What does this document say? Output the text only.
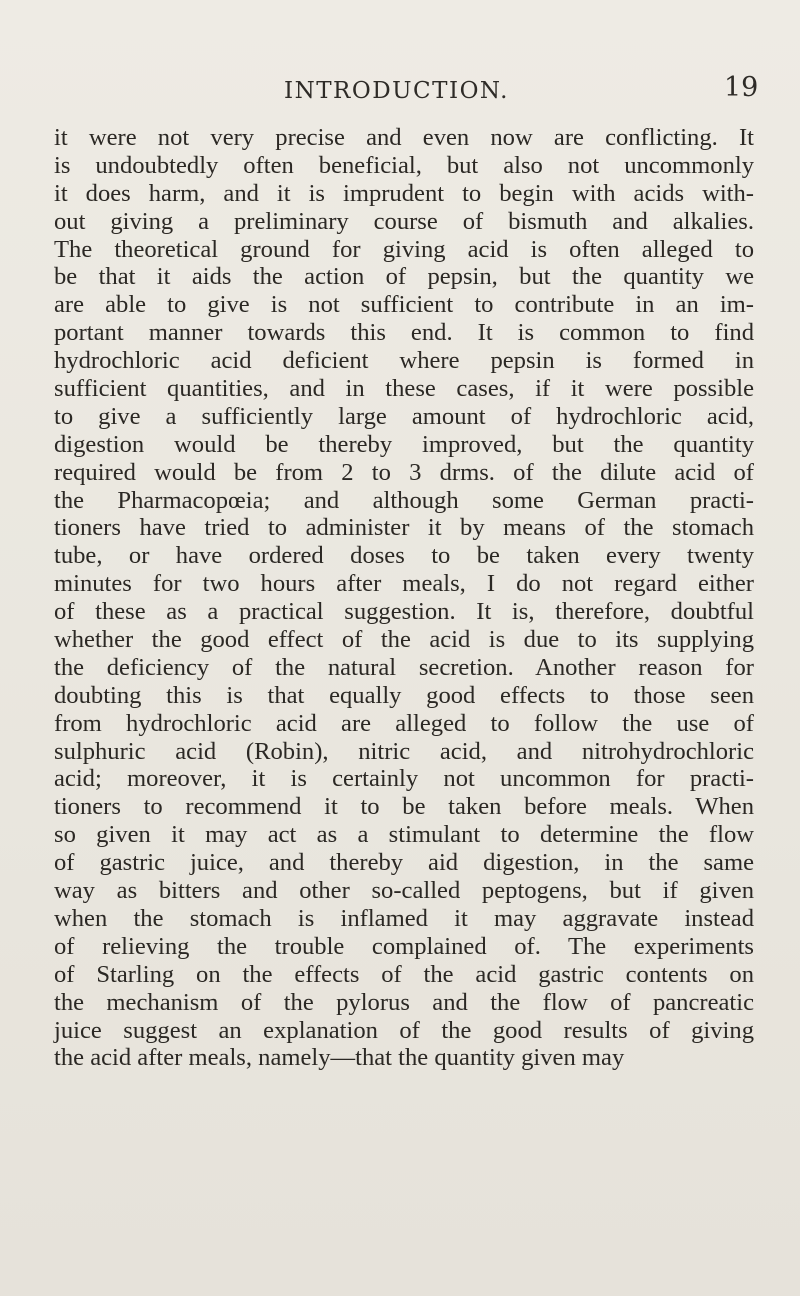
INTRODUCTION.	19
it were not very precise and even now are conflicting. It
is undoubtedly often beneficial, but also not uncommonly
it does harm, and it is imprudent to begin with acids with-
out giving a preliminary course of bismuth and alkalies.
The theoretical ground for giving acid is often alleged to
be that it aids the action of pepsin, but the quantity we
are able to give is not sufficient to contribute in an im-
portant manner towards this end. It is common to find
hydrochloric acid deficient where pepsin is formed in
sufficient quantities, and in these cases, if it were possible
to give a sufficiently large amount of hydrochloric acid,
digestion would be thereby improved, but the quantity
required would be from 2 to 3 drms. of the dilute acid of
the Pharmacopœia; and although some German practi-
tioners have tried to administer it by means of the stomach
tube, or have ordered doses to be taken every twenty
minutes for two hours after meals, I do not regard either
of these as a practical suggestion. It is, therefore, doubtful
whether the good effect of the acid is due to its supplying
the deficiency of the natural secretion. Another reason for
doubting this is that equally good effects to those seen
from hydrochloric acid are alleged to follow the use of
sulphuric acid (Robin), nitric acid, and nitrohydrochloric
acid; moreover, it is certainly not uncommon for practi-
tioners to recommend it to be taken before meals. When
so given it may act as a stimulant to determine the flow
of gastric juice, and thereby aid digestion, in the same
way as bitters and other so-called peptogens, but if given
when the stomach is inflamed it may aggravate instead
of relieving the trouble complained of. The experiments
of Starling on the effects of the acid gastric contents on
the mechanism of the pylorus and the flow of pancreatic
juice suggest an explanation of the good results of giving
the acid after meals, namely—that the quantity given may
